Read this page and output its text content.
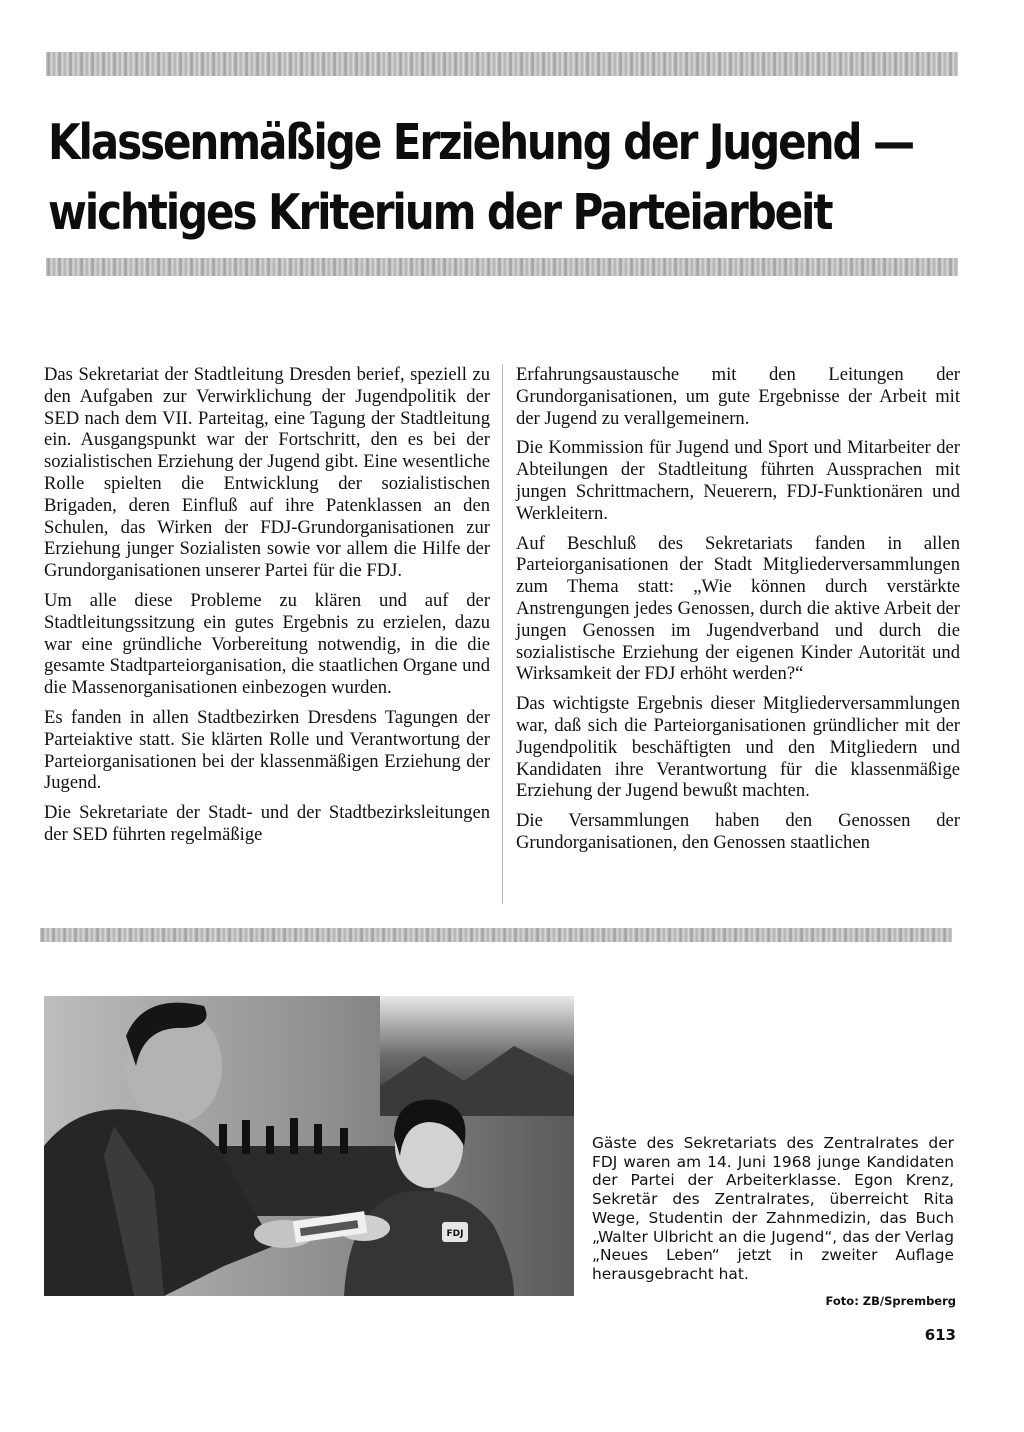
Klassenmäßige Erziehung der Jugend —
wichtiges Kriterium der Parteiarbeit

Das Sekretariat der Stadtleitung Dresden berief, speziell zu den Aufgaben zur Verwirklichung der Jugendpolitik der SED nach dem VII. Parteitag, eine Tagung der Stadtleitung ein. Ausgangspunkt war der Fortschritt, den es bei der sozialistischen Erziehung der Jugend gibt. Eine wesentliche Rolle spielten die Entwicklung der sozialistischen Brigaden, deren Einfluß auf ihre Patenklassen an den Schulen, das Wirken der FDJ-Grundorganisationen zur Erziehung junger Sozialisten sowie vor allem die Hilfe der Grundorganisationen unserer Partei für die FDJ.

Um alle diese Probleme zu klären und auf der Stadtleitungssitzung ein gutes Ergebnis zu erzielen, dazu war eine gründliche Vorbereitung notwendig, in die die gesamte Stadtparteiorganisation, die staatlichen Organe und die Massenorganisationen einbezogen wurden.

Es fanden in allen Stadtbezirken Dresdens Tagungen der Parteiaktive statt. Sie klärten Rolle und Verantwortung der Parteiorganisationen bei der klassenmäßigen Erziehung der Jugend.

Die Sekretariate der Stadt- und der Stadtbezirksleitungen der SED führten regelmäßige

Erfahrungsaustausche mit den Leitungen der Grundorganisationen, um gute Ergebnisse der Arbeit mit der Jugend zu verallgemeinern.

Die Kommission für Jugend und Sport und Mitarbeiter der Abteilungen der Stadtleitung führten Aussprachen mit jungen Schrittmachern, Neuerern, FDJ-Funktionären und Werkleitern.

Auf Beschluß des Sekretariats fanden in allen Parteiorganisationen der Stadt Mitgliederversammlungen zum Thema statt: „Wie können durch verstärkte Anstrengungen jedes Genossen, durch die aktive Arbeit der jungen Genossen im Jugendverband und durch die sozialistische Erziehung der eigenen Kinder Autorität und Wirksamkeit der FDJ erhöht werden?“

Das wichtigste Ergebnis dieser Mitgliederversammlungen war, daß sich die Parteiorganisationen gründlicher mit der Jugendpolitik beschäftigten und den Mitgliedern und Kandidaten ihre Verantwortung für die klassenmäßige Erziehung der Jugend bewußt machten.

Die Versammlungen haben den Genossen der Grundorganisationen, den Genossen staatlichen

FDJ
Gäste des Sekretariats des Zentralrates der FDJ waren am 14. Juni 1968 junge Kandidaten der Partei der Arbeiterklasse. Egon Krenz, Sekretär des Zentralrates, überreicht Rita Wege, Studentin der Zahnmedizin, das Buch „Walter Ulbricht an die Jugend“, das der Verlag „Neues Leben“ jetzt in zweiter Auflage herausgebracht hat.
Foto: ZB/Spremberg
613
